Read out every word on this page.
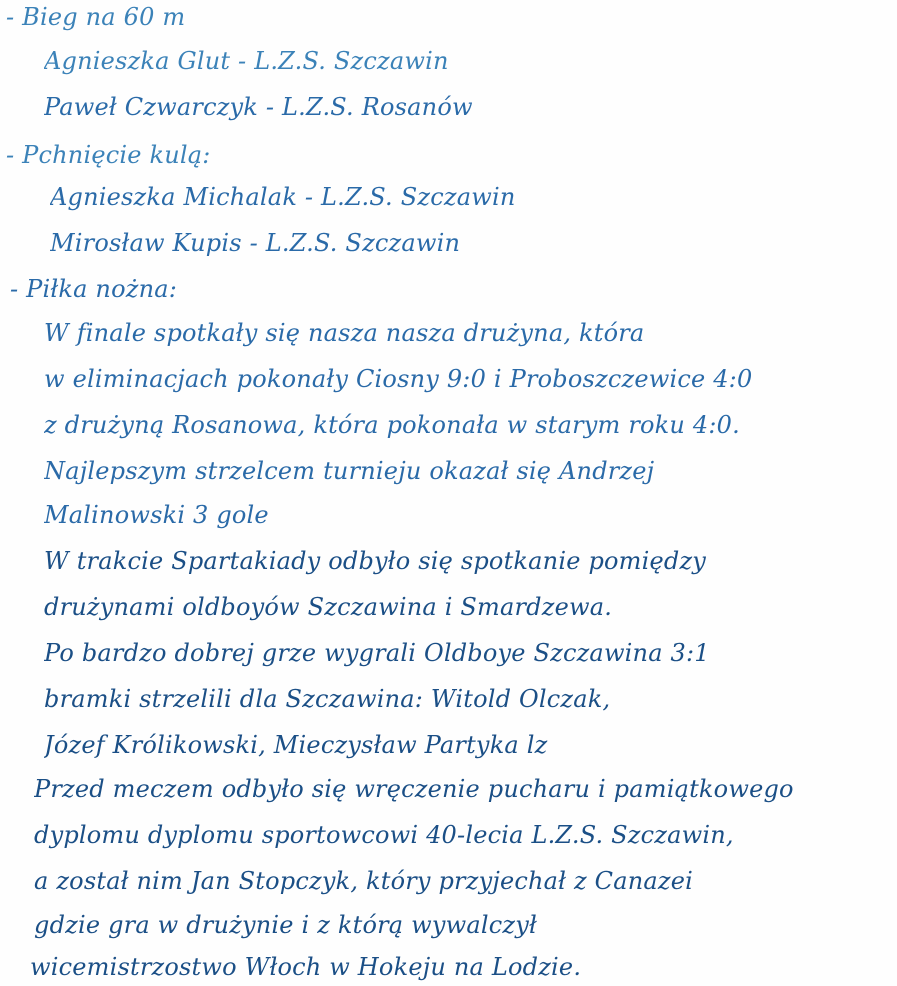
- Bieg na 60 m
Agnieszka Glut - L.Z.S. Szczawin
Paweł Czwarczyk - L.Z.S. Rosanów
- Pchnięcie kulą:
Agnieszka Michalak - L.Z.S. Szczawin
Mirosław Kupis - L.Z.S. Szczawin
- Piłka nożna:
W finale spotkały się nasza nasza drużyna, która
w eliminacjach pokonały Ciosny 9:0 i Proboszczewice 4:0
z drużyną Rosanowa, która pokonała w starym roku 4:0.
Najlepszym strzelcem turnieju okazał się Andrzej
Malinowski 3 gole
W trakcie Spartakiady odbyło się spotkanie pomiędzy
drużynami oldboyów Szczawina i Smardzewa.
Po bardzo dobrej grze wygrali Oldboye Szczawina 3:1
bramki strzelili dla Szczawina: Witold Olczak,
Józef Królikowski, Mieczysław Partyka lz
Przed meczem odbyło się wręczenie pucharu i pamiątkowego
dyplomu dyplomu sportowcowi 40-lecia L.Z.S. Szczawin,
a został nim Jan Stopczyk, który przyjechał z Canazei
gdzie gra w drużynie i z którą wywalczył
wicemistrzostwo Włoch w Hokeju na Lodzie.
